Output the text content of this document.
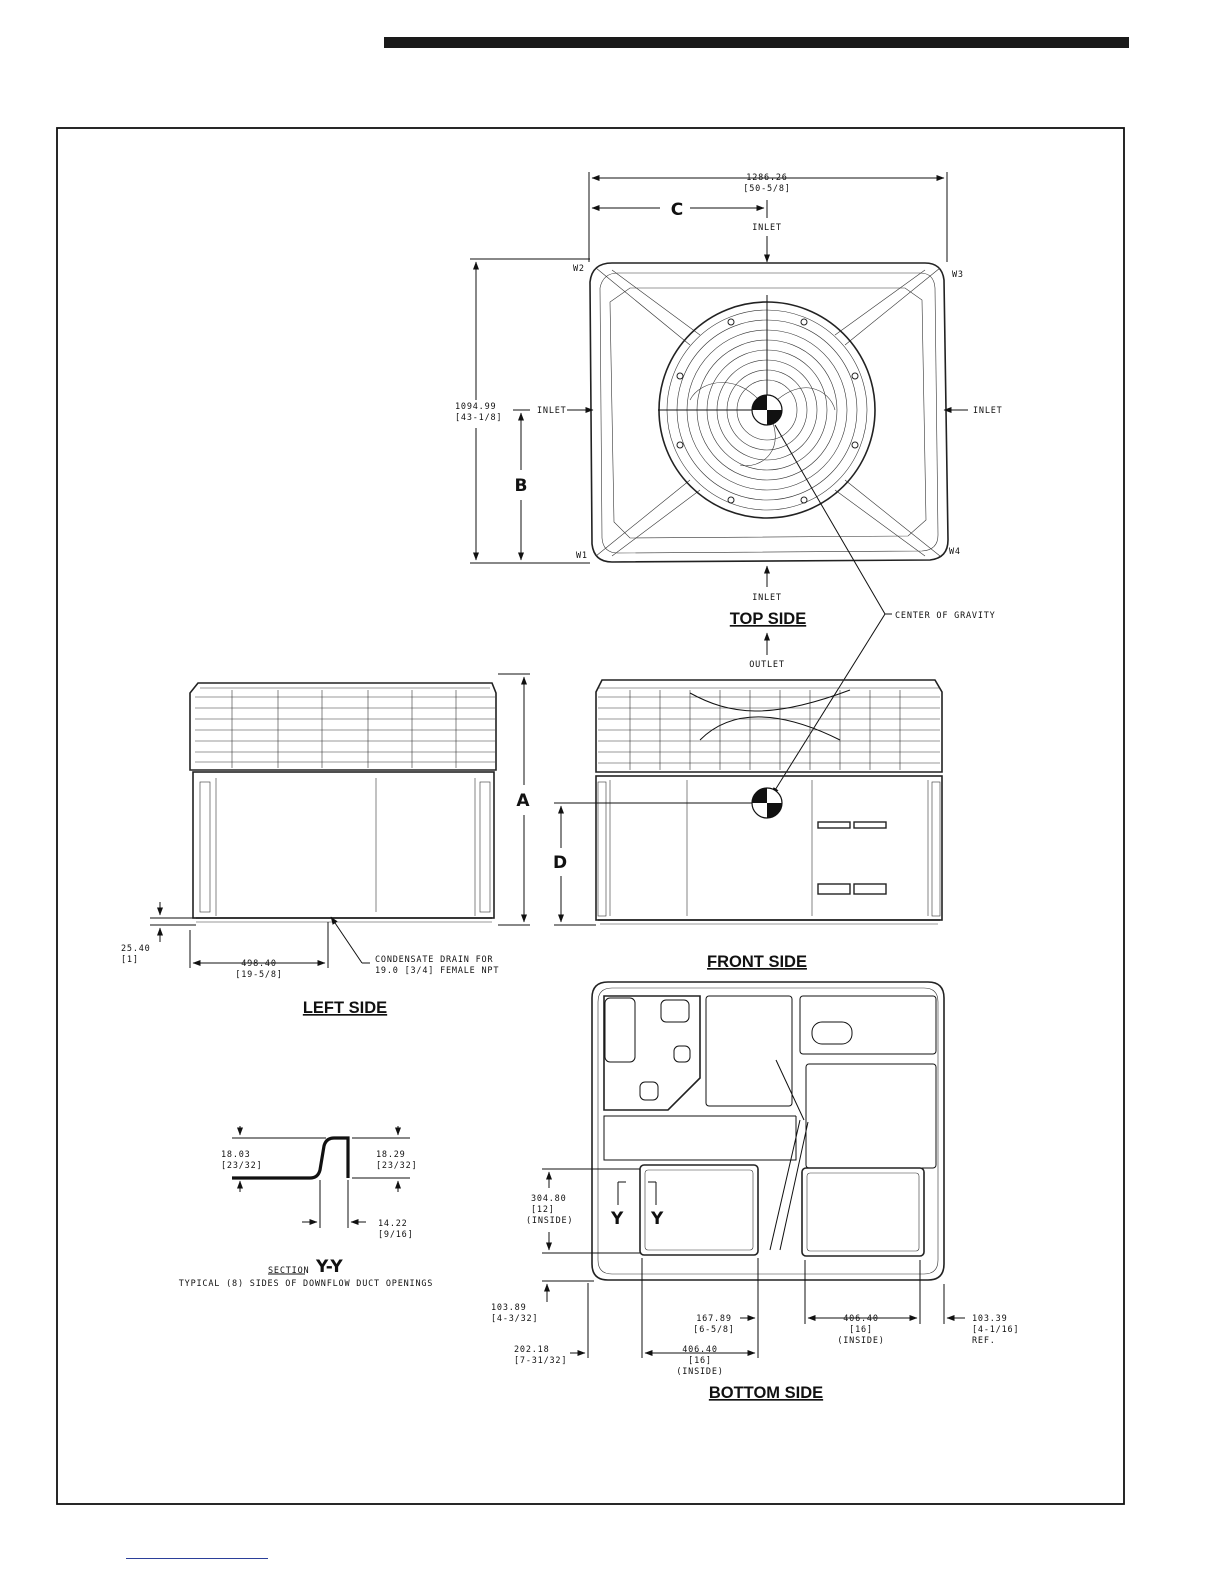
1286.26
[50-5/8]
C
INLET
W2
W3
1094.99
[43-1/8]
INLET	INLET
B
W1	W4
INLET
TOP SIDE	CENTER OF GRAVITY
OUTLET
A
D
25.40
[1]	498.40
[19-5/8]
CONDENSATE DRAIN FOR
19.0 [3/4] FEMALE NPT	FRONT SIDE
LEFT SIDE
18.03
[23/32]
18.29
[23/32]
14.22
[9/16]
SECTION Y-Y
TYPICAL (8) SIDES OF DOWNFLOW DUCT OPENINGS
304.80
[12]
(INSIDE) Y Y
103.89
[4-3/32]	167.89
[6-5/8]
406.40
[16]
(INSIDE)
103.39
[4-1/16]
REF.
202.18
[7-31/32]
406.40
[16]
(INSIDE)
BOTTOM SIDE
